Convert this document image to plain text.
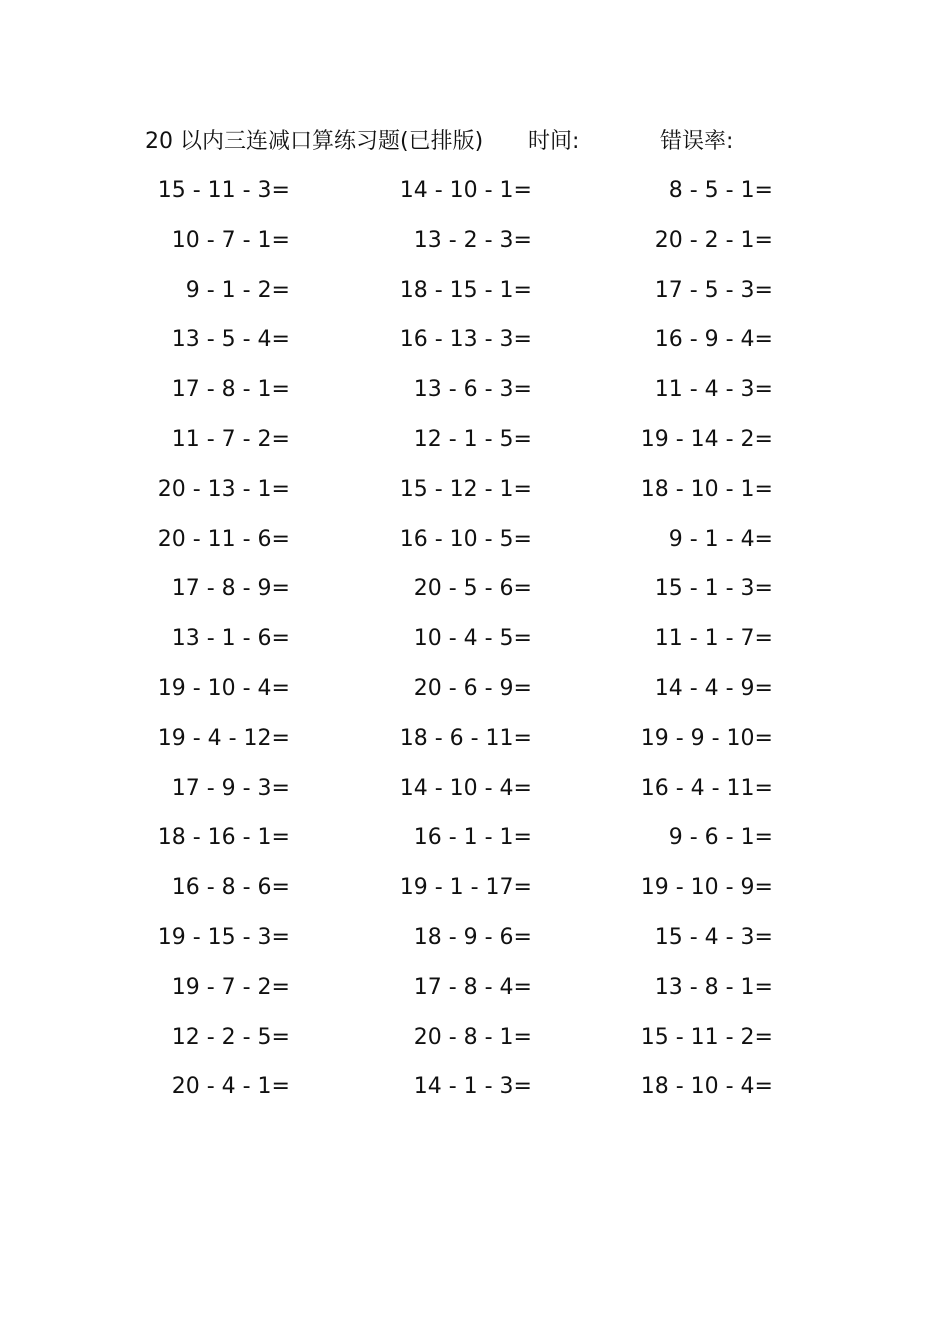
20 以内三连减口算练习题(已排版) 时间:	错误率:
15 - 11 - 3=	14 - 10 - 1=	8 - 5 - 1=
10 - 7 - 1=	13 - 2 - 3=	20 - 2 - 1=
9 - 1 - 2=	18 - 15 - 1=	17 - 5 - 3=
13 - 5 - 4=	16 - 13 - 3=	16 - 9 - 4=
17 - 8 - 1=	13 - 6 - 3=	11 - 4 - 3=
11 - 7 - 2=	12 - 1 - 5=	19 - 14 - 2=
20 - 13 - 1=	15 - 12 - 1=	18 - 10 - 1=
20 - 11 - 6=	16 - 10 - 5=	9 - 1 - 4=
17 - 8 - 9=	20 - 5 - 6=	15 - 1 - 3=
13 - 1 - 6=	10 - 4 - 5=	11 - 1 - 7=
19 - 10 - 4=	20 - 6 - 9=	14 - 4 - 9=
19 - 4 - 12=	18 - 6 - 11=	19 - 9 - 10=
17 - 9 - 3=	14 - 10 - 4=	16 - 4 - 11=
18 - 16 - 1=	16 - 1 - 1=	9 - 6 - 1=
16 - 8 - 6=	19 - 1 - 17=	19 - 10 - 9=
19 - 15 - 3=	18 - 9 - 6=	15 - 4 - 3=
19 - 7 - 2=	17 - 8 - 4=	13 - 8 - 1=
12 - 2 - 5=	20 - 8 - 1=	15 - 11 - 2=
20 - 4 - 1=	14 - 1 - 3=	18 - 10 - 4=
